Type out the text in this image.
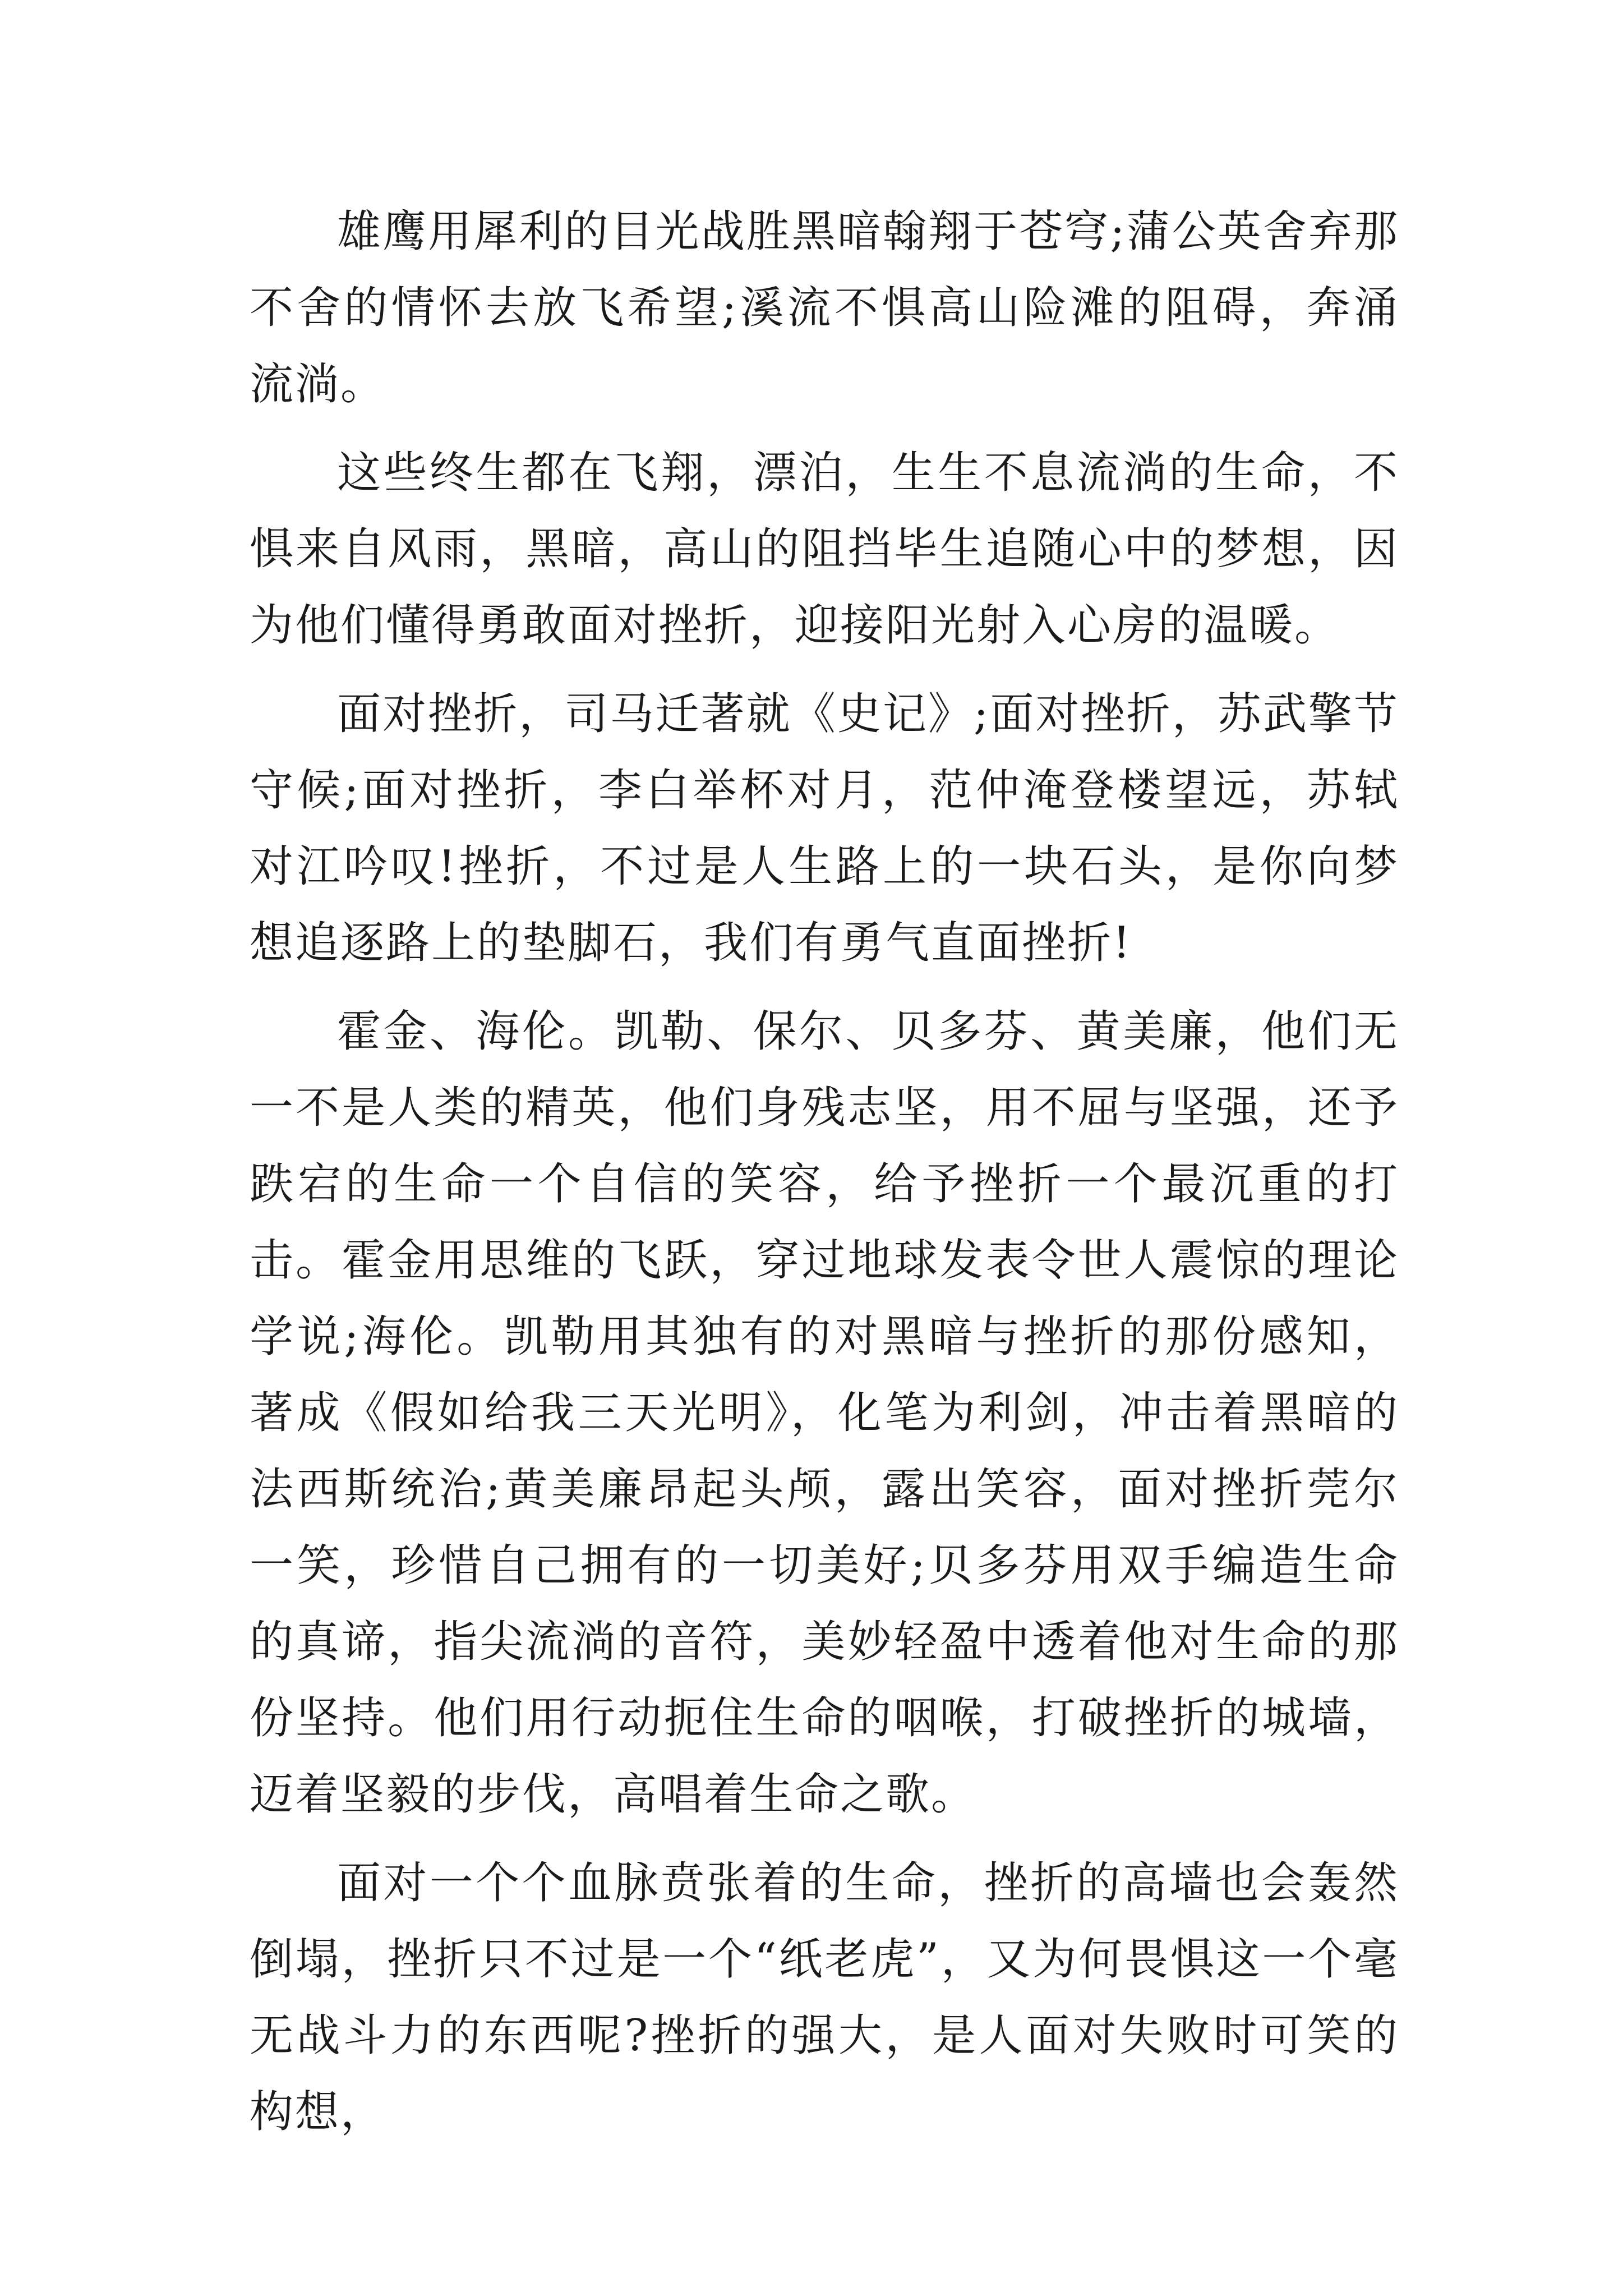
雄鹰用犀利的目光战胜黑暗翰翔于苍穹;蒲公英舍弃那不舍的情怀去放飞希望;溪流不惧高山险滩的阻碍，奔涌流淌。

这些终生都在飞翔，漂泊，生生不息流淌的生命，不惧来自风雨，黑暗，高山的阻挡毕生追随心中的梦想，因为他们懂得勇敢面对挫折，迎接阳光射入心房的温暖。

面对挫折，司马迁著就《史记》;面对挫折，苏武擎节守候;面对挫折，李白举杯对月，范仲淹登楼望远，苏轼对江吟叹!挫折，不过是人生路上的一块石头，是你向梦想追逐路上的垫脚石，我们有勇气直面挫折!

霍金、海伦。凯勒、保尔、贝多芬、黄美廉，他们无一不是人类的精英，他们身残志坚，用不屈与坚强，还予跌宕的生命一个自信的笑容，给予挫折一个最沉重的打击。霍金用思维的飞跃，穿过地球发表令世人震惊的理论学说;海伦。凯勒用其独有的对黑暗与挫折的那份感知，著成《假如给我三天光明》，化笔为利剑，冲击着黑暗的法西斯统治;黄美廉昂起头颅，露出笑容，面对挫折莞尔一笑，珍惜自己拥有的一切美好;贝多芬用双手编造生命的真谛，指尖流淌的音符，美妙轻盈中透着他对生命的那份坚持。他们用行动扼住生命的咽喉，打破挫折的城墙，迈着坚毅的步伐，高唱着生命之歌。

面对一个个血脉贲张着的生命，挫折的高墙也会轰然倒塌，挫折只不过是一个“纸老虎”，又为何畏惧这一个毫无战斗力的东西呢?挫折的强大，是人面对失败时可笑的构想，
